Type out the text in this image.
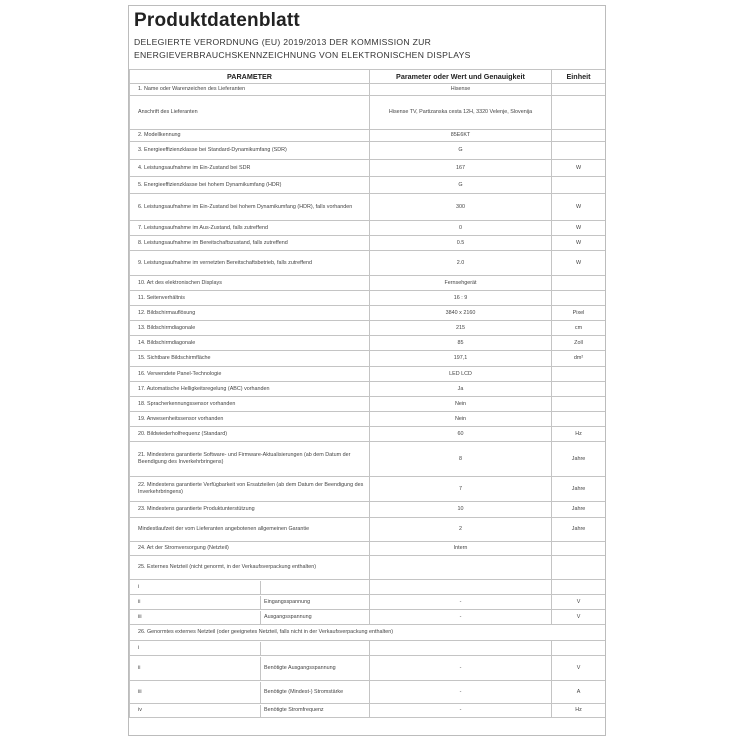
Produktdatenblatt
DELEGIERTE VERORDNUNG (EU) 2019/2013 DER KOMMISSION ZUR ENERGIEVERBRAUCHSKENNZEICHNUNG VON ELEKTRONISCHEN DISPLAYS
PARAMETER	Parameter oder Wert und Genauigkeit	Einheit
1. Name oder Warenzeichen des Lieferanten	Hisense	
Anschrift des Lieferanten	Hisense TV, Partizanska cesta 12H, 3320 Velenje, Slovenija	
2. Modellkennung	85E6KT	
3. Energieeffizienzklasse bei Standard-Dynamikumfang (SDR)	G	
4. Leistungsaufnahme im Ein-Zustand bei SDR	167	W
5. Energieeffizienzklasse bei hohem Dynamikumfang (HDR)	G	
6. Leistungsaufnahme im Ein-Zustand bei hohem Dynamikumfang (HDR), falls vorhanden	300	W
7. Leistungsaufnahme im Aus-Zustand, falls zutreffend	0	W
8. Leistungsaufnahme im Bereitschaftszustand, falls zutreffend	0.5	W
9. Leistungsaufnahme im vernetzten Bereitschaftsbetrieb, falls zutreffend	2.0	W
10. Art des elektronischen Displays	Fernsehgerät	
11. Seitenverhältnis	16 : 9	
12. Bildschirmauflösung	3840 x 2160	Pixel
13. Bildschirmdiagonale	215	cm
14. Bildschirmdiagonale	85	Zoll
15. Sichtbare Bildschirmfläche	197,1	dm²
16. Verwendete Panel-Technologie	LED LCD	
17. Automatische Helligkeitsregelung (ABC) vorhanden	Ja	
18. Spracherkennungssensor vorhanden	Nein	
19. Anwesenheitssensor vorhanden	Nein	
20. Bildwiederholfrequenz (Standard)	60	Hz
21. Mindestens garantierte Software- und Firmware-Aktualisierungen (ab dem Datum der Beendigung des Inverkehrbringens)	8	Jahre
22. Mindestens garantierte Verfügbarkeit von Ersatzteilen (ab dem Datum der Beendigung des Inverkehrbringens)	7	Jahre
23. Mindestens garantierte Produktunterstützung	10	Jahre
Mindestlaufzeit der vom Lieferanten angebotenen allgemeinen Garantie	2	Jahre
24. Art der Stromversorgung (Netzteil)	Intern	
25. Externes Netzteil (nicht genormt, in der Verkaufsverpackung enthalten)		

i		

ii Eingangsspannung	-	V

iii Ausgangsspannung	-	V
26. Genormtes externes Netzteil (oder geeignetes Netzteil, falls nicht in der Verkaufsverpackung enthalten)		

i		

ii Benötigte Ausgangsspannung	-	V

iii Benötigte (Mindest-) Stromstärke	-	A

iv Benötigte Stromfrequenz	-	Hz
